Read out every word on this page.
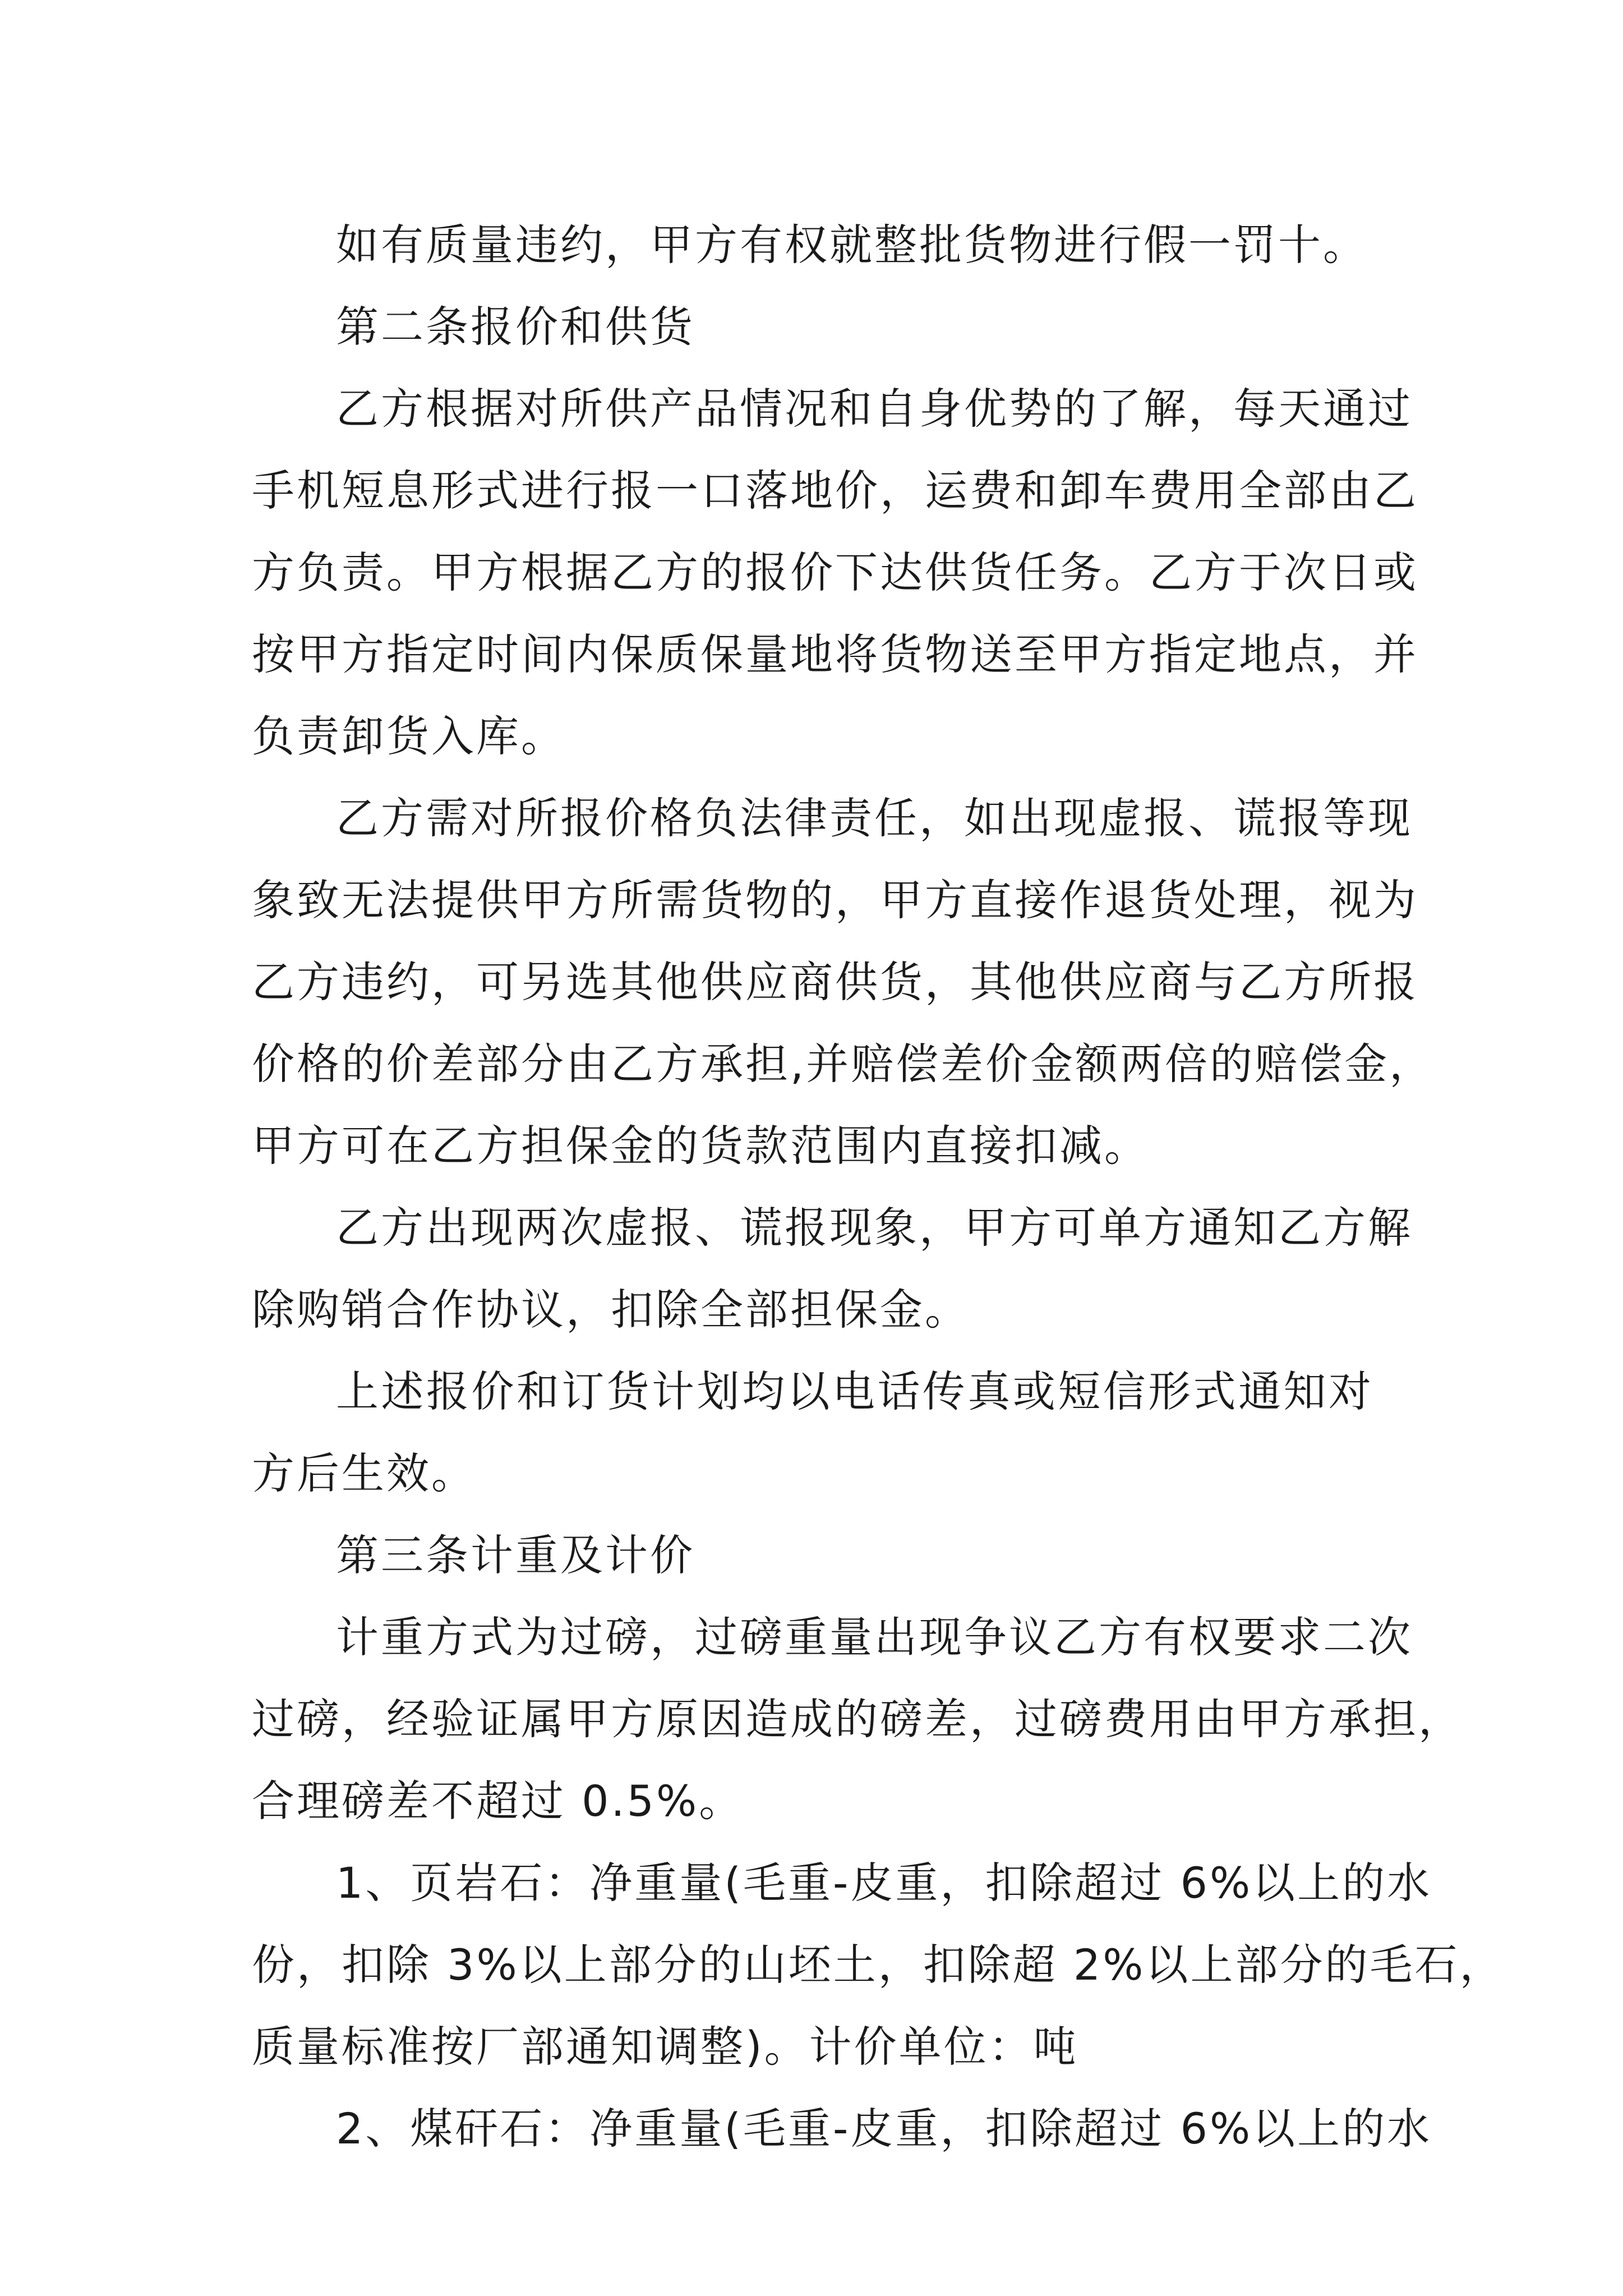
如有质量违约，甲方有权就整批货物进行假一罚十。
第二条报价和供货
乙方根据对所供产品情况和自身优势的了解，每天通过
手机短息形式进行报一口落地价，运费和卸车费用全部由乙
方负责。甲方根据乙方的报价下达供货任务。乙方于次日或
按甲方指定时间内保质保量地将货物送至甲方指定地点，并
负责卸货入库。
乙方需对所报价格负法律责任，如出现虚报、谎报等现
象致无法提供甲方所需货物的，甲方直接作退货处理，视为
乙方违约，可另选其他供应商供货，其他供应商与乙方所报
价格的价差部分由乙方承担,并赔偿差价金额两倍的赔偿金，
甲方可在乙方担保金的货款范围内直接扣减。
乙方出现两次虚报、谎报现象，甲方可单方通知乙方解
除购销合作协议，扣除全部担保金。
上述报价和订货计划均以电话传真或短信形式通知对
方后生效。
第三条计重及计价
计重方式为过磅，过磅重量出现争议乙方有权要求二次
过磅，经验证属甲方原因造成的磅差，过磅费用由甲方承担，
合理磅差不超过 0.5%。
1、页岩石：净重量(毛重-皮重，扣除超过 6%以上的水
份，扣除 3%以上部分的山坯土，扣除超 2%以上部分的毛石，
质量标准按厂部通知调整)。计价单位：吨
2、煤矸石：净重量(毛重-皮重，扣除超过 6%以上的水
